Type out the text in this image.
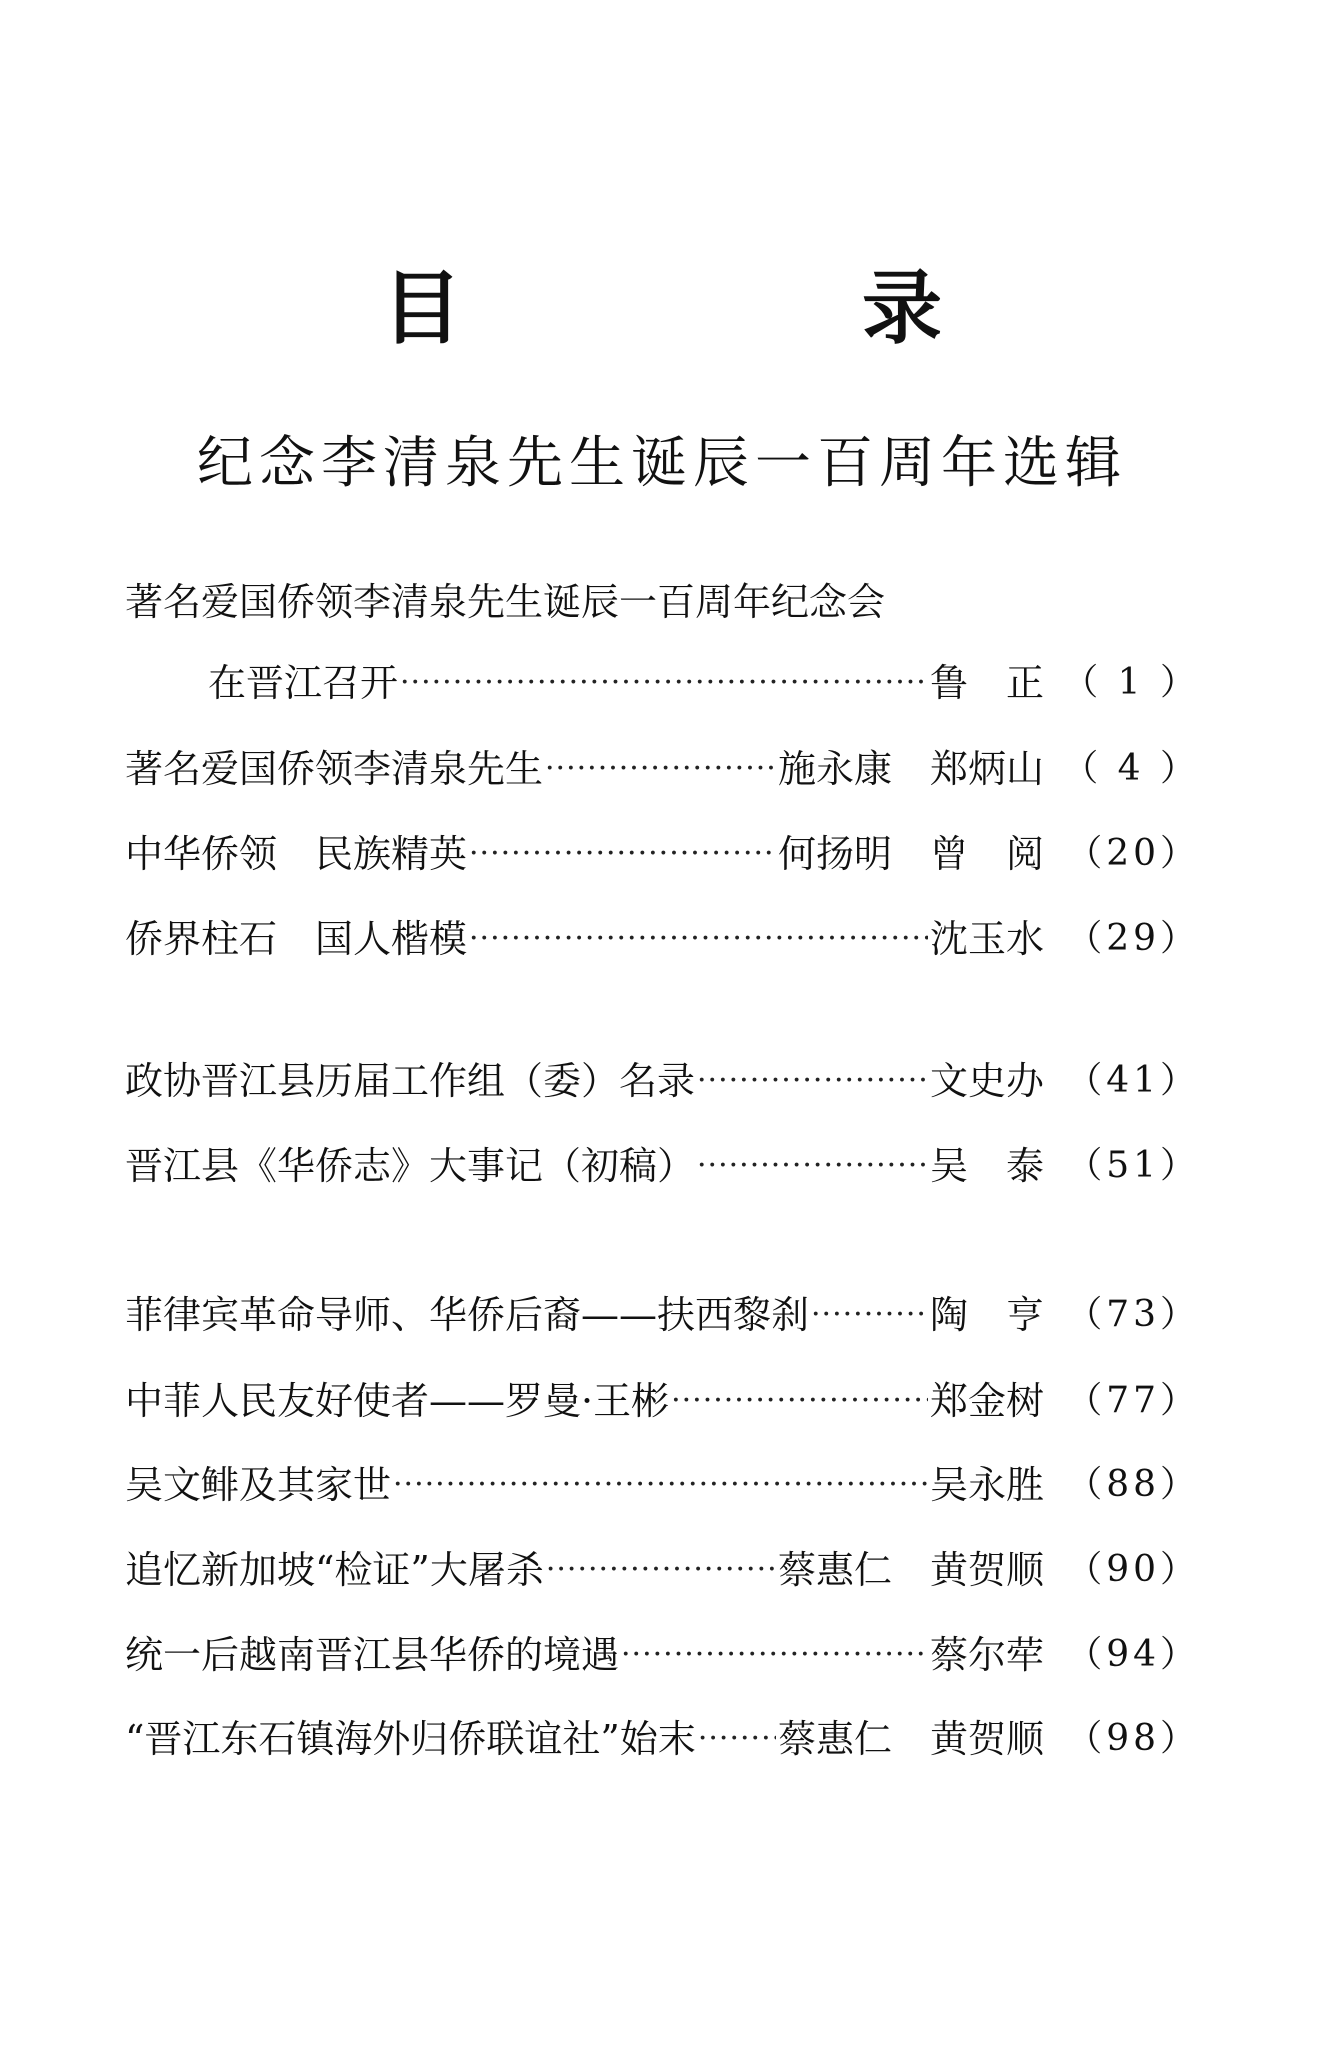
目　录
纪念李清泉先生诞辰一百周年选辑
著名爱国侨领李清泉先生诞辰一百周年纪念会
在晋江召开 ·····	鲁　正 （ 1 ）
著名爱国侨领李清泉先生 ·····	施永康　郑炳山 （ 4 ）
中华侨领　民族精英 ·····	何扬明　曾　阅 （20）
侨界柱石　国人楷模 ·····	沈玉水 （29）
政协晋江县历届工作组（委）名录 ·····	文史办 （41）
晋江县《华侨志》大事记（初稿） ·····	吴　泰 （51）
菲律宾革命导师、华侨后裔——扶西黎刹 ·····	陶　亨 （73）
中菲人民友好使者——罗曼·王彬 ·····	郑金树 （77）
吴文鲱及其家世 ·····	吴永胜 （88）
追忆新加坡“检证”大屠杀 ·····	蔡惠仁　黄贺顺 （90）
统一后越南晋江县华侨的境遇 ·····	蔡尔荦 （94）
“晋江东石镇海外归侨联谊社”始末 ····· 蔡惠仁　黄贺顺 （98）
